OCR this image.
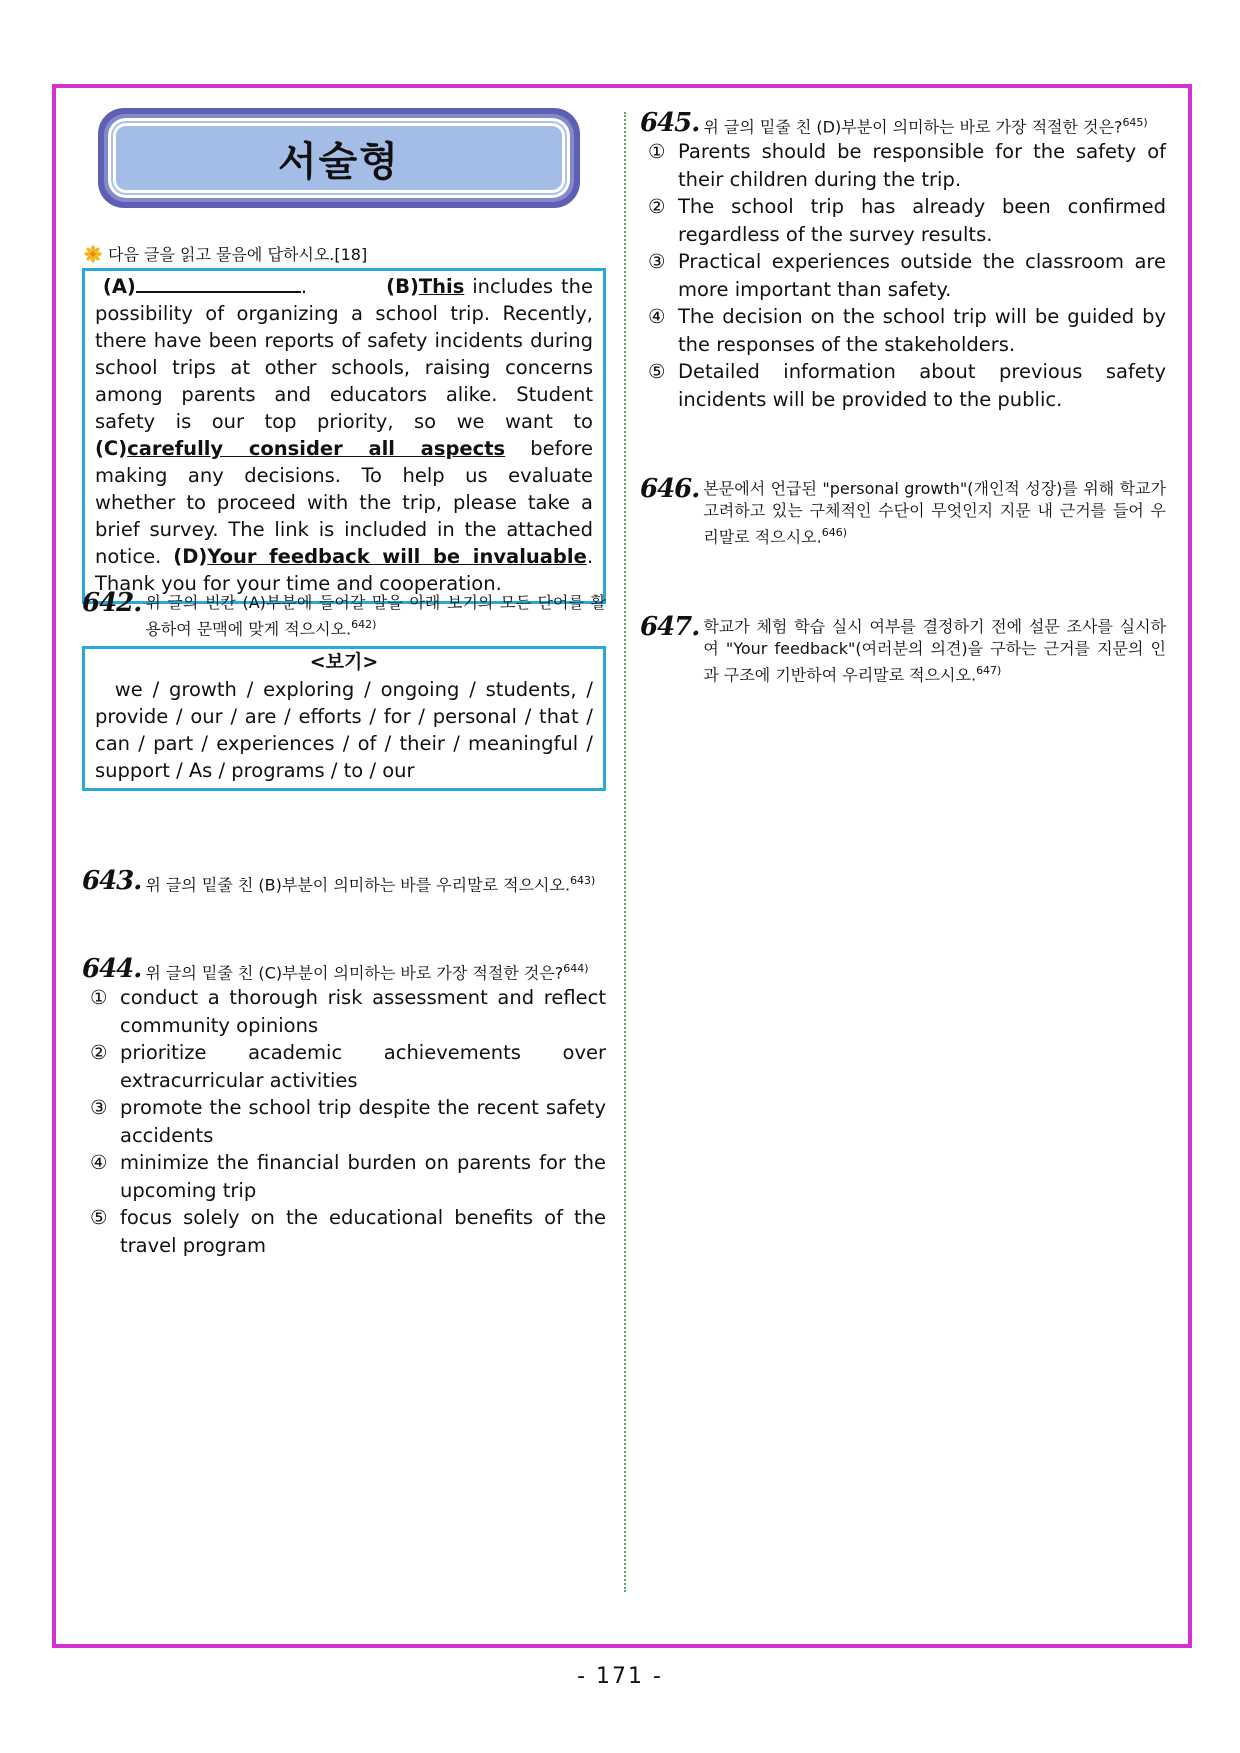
서술형
다음 글을 읽고 물음에 답하시오.[18]
(A)	.	(B)This includes the possibility of organizing a school trip. Recently, there have been reports of safety incidents during school trips at other schools, raising concerns among parents and educators alike. Student safety is our top priority, so we want to (C)carefully consider all aspects before making any decisions. To help us evaluate whether to proceed with the trip, please take a brief survey. The link is included in the attached notice. (D)Your feedback will be invaluable. Thank you for your time and cooperation.
642. 위 글의 빈칸 (A)부분에 들어갈 말을 아래 보기의 모든 단어를 활용하여 문맥에 맞게 적으시오.$^{642)}$
<보기>
we / growth / exploring / ongoing / students, / provide / our / are / efforts / for / personal / that / can / part / experiences / of / their / meaningful / support / As / programs / to / our
643. 위 글의 밑줄 친 (B)부분이 의미하는 바를 우리말로 적으시오.$^{643)}$
644. 위 글의 밑줄 친 (C)부분이 의미하는 바로 가장 적절한 것은?$^{644)}$
① conduct a thorough risk assessment and reflect community opinions
② prioritize academic achievements over extracurricular activities
③ promote the school trip despite the recent safety accidents
④ minimize the financial burden on parents for the upcoming trip
⑤ focus solely on the educational benefits of the travel program
645. 위 글의 밑줄 친 (D)부분이 의미하는 바로 가장 적절한 것은?$^{645)}$
① Parents should be responsible for the safety of their children during the trip.
② The school trip has already been confirmed regardless of the survey results.
③ Practical experiences outside the classroom are more important than safety.
④ The decision on the school trip will be guided by the responses of the stakeholders.
⑤ Detailed information about previous safety incidents will be provided to the public.
646. 본문에서 언급된 "personal growth"(개인적 성장)를 위해 학교가 고려하고 있는 구체적인 수단이 무엇인지 지문 내 근거를 들어 우리말로 적으시오.$^{646)}$
647. 학교가 체험 학습 실시 여부를 결정하기 전에 설문 조사를 실시하여 "Your feedback"(여러분의 의견)을 구하는 근거를 지문의 인과 구조에 기반하여 우리말로 적으시오.$^{647)}$
- 171 -
